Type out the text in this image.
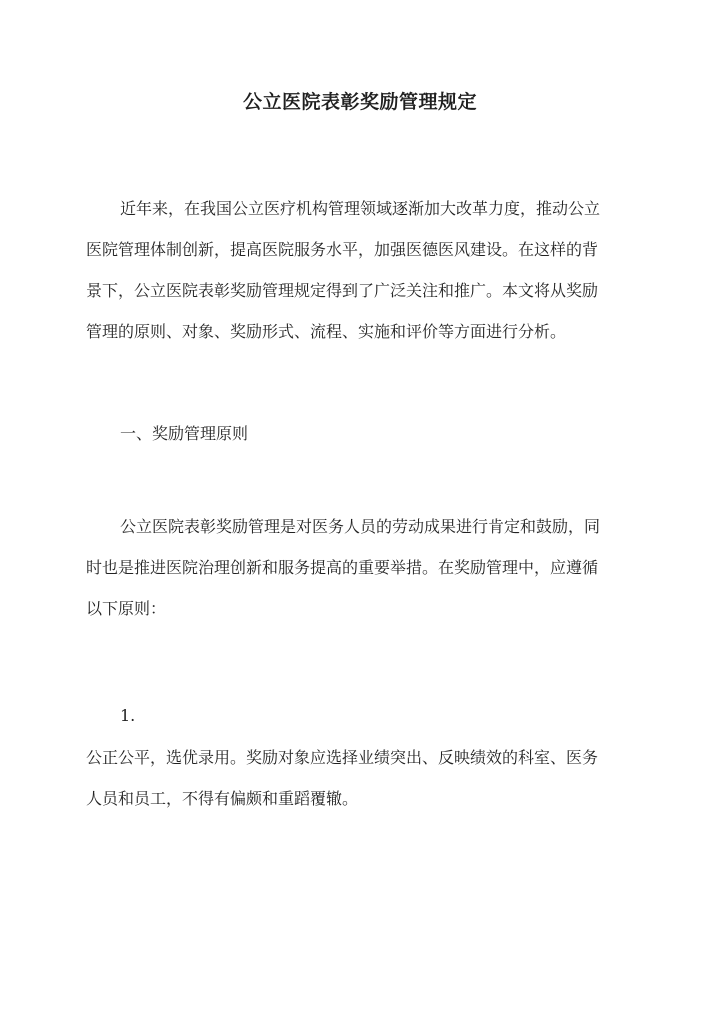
公立医院表彰奖励管理规定
近年来，在我国公立医疗机构管理领域逐渐加大改革力度，推动公立
医院管理体制创新，提高医院服务水平，加强医德医风建设。在这样的背
景下，公立医院表彰奖励管理规定得到了广泛关注和推广。本文将从奖励
管理的原则、对象、奖励形式、流程、实施和评价等方面进行分析。
一、奖励管理原则
公立医院表彰奖励管理是对医务人员的劳动成果进行肯定和鼓励，同
时也是推进医院治理创新和服务提高的重要举措。在奖励管理中，应遵循
以下原则：
1.
公正公平，选优录用。奖励对象应选择业绩突出、反映绩效的科室、医务
人员和员工，不得有偏颇和重蹈覆辙。
